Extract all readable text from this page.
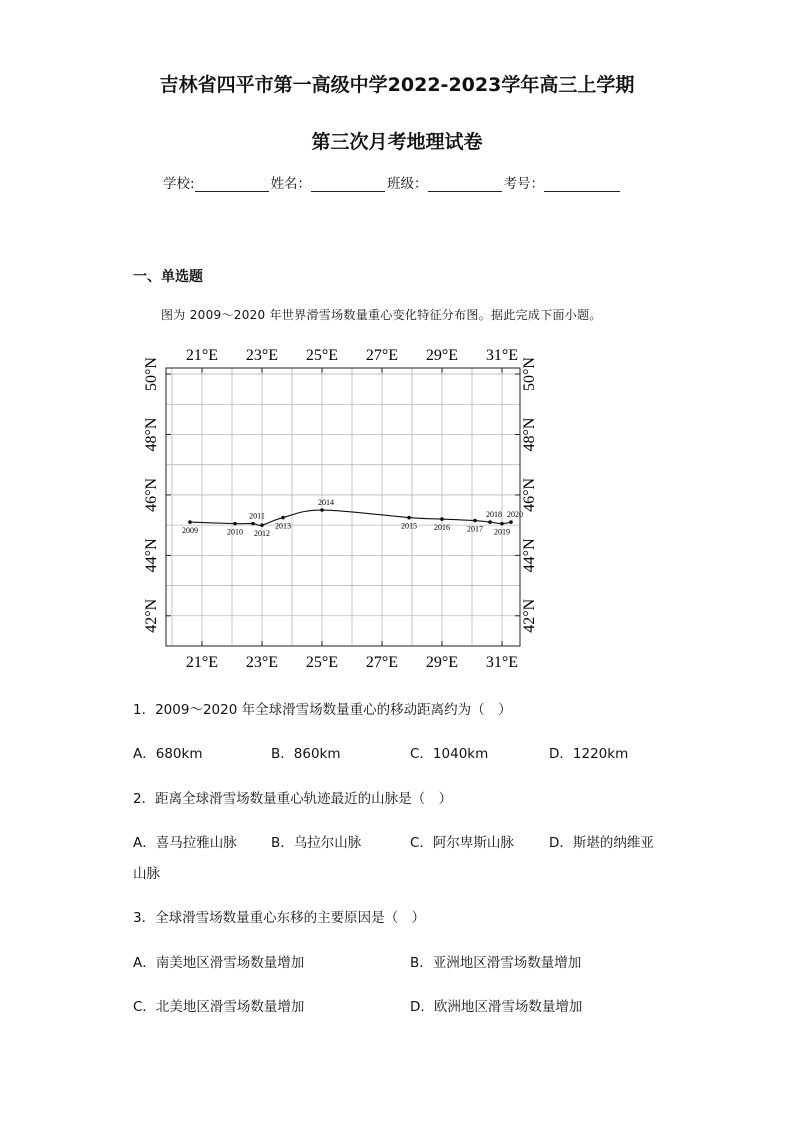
吉林省四平市第一高级中学2022-2023学年高三上学期
第三次月考地理试卷
学校:	姓名：	班级：	考号：
一、单选题
图为 2009～2020 年世界滑雪场数量重心变化特征分布图。据此完成下面小题。
21°E
21°E
23°E
23°E
25°E
25°E
27°E
27°E
29°E
29°E
31°E
31°E
42°N	42°N
44°N	44°N
46°N	46°N
48°N	48°N
50°N	50°N
2009	2010
2011
2012
2013
2014
2015 2016 2017
2018
2019
2020
1．2009～2020 年全球滑雪场数量重心的移动距离约为（　）
A．680km	B．860km	C．1040km	D．1220km
2．距离全球滑雪场数量重心轨迹最近的山脉是（　）
A．喜马拉雅山脉	B．乌拉尔山脉	C．阿尔卑斯山脉	D．斯堪的纳维亚
山脉
3．全球滑雪场数量重心东移的主要原因是（　）
A．南美地区滑雪场数量增加	B．亚洲地区滑雪场数量增加
C．北美地区滑雪场数量增加	D．欧洲地区滑雪场数量增加
